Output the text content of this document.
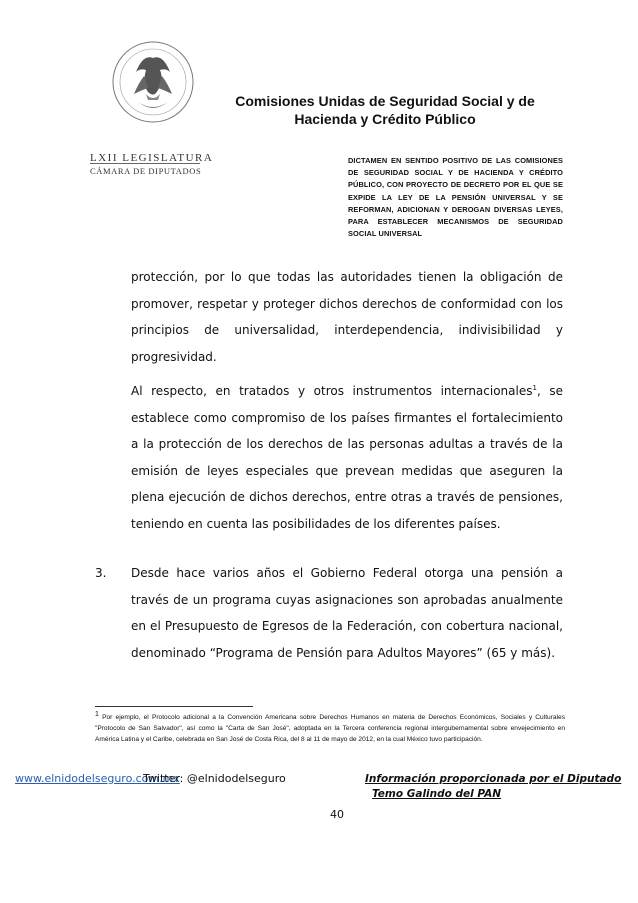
LXII LEGISLATURA
CÁMARA DE DIPUTADOS
Comisiones Unidas de Seguridad Social y de
Hacienda y Crédito Público
DICTAMEN EN SENTIDO POSITIVO DE LAS COMISIONES DE SEGURIDAD SOCIAL Y DE HACIENDA Y CRÉDITO PÚBLICO, CON PROYECTO DE DECRETO POR EL QUE SE EXPIDE LA LEY DE LA PENSIÓN UNIVERSAL Y SE REFORMAN, ADICIONAN Y DEROGAN DIVERSAS LEYES, PARA ESTABLECER MECANISMOS DE SEGURIDAD SOCIAL UNIVERSAL
protección, por lo que todas las autoridades tienen la obligación de promover, respetar y proteger dichos derechos de conformidad con los principios de universalidad, interdependencia, indivisibilidad y progresividad.
Al respecto, en tratados y otros instrumentos internacionales$^1$, se establece como compromiso de los países firmantes el fortalecimiento a la protección de los derechos de las personas adultas a través de la emisión de leyes especiales que prevean medidas que aseguren la plena ejecución de dichos derechos, entre otras a través de pensiones, teniendo en cuenta las posibilidades de los diferentes países.
3. Desde hace varios años el Gobierno Federal otorga una pensión a través de un programa cuyas asignaciones son aprobadas anualmente en el Presupuesto de Egresos de la Federación, con cobertura nacional, denominado “Programa de Pensión para Adultos Mayores” (65 y más).
$^1$ Por ejemplo, el Protocolo adicional a la Convención Americana sobre Derechos Humanos en materia de Derechos Económicos, Sociales y Culturales "Protocolo de San Salvador", así como la "Carta de San José", adoptada en la Tercera conferencia regional intergubernamental sobre envejecimiento en América Latina y el Caribe, celebrada en San José de Costa Rica, del 8 al 11 de mayo de 2012, en la cual México tuvo participación.
www.elnidodelseguro.com.mx
Twitter: @elnidodelseguro	Información proporcionada por el Diputado
Temo Galindo del PAN
40
